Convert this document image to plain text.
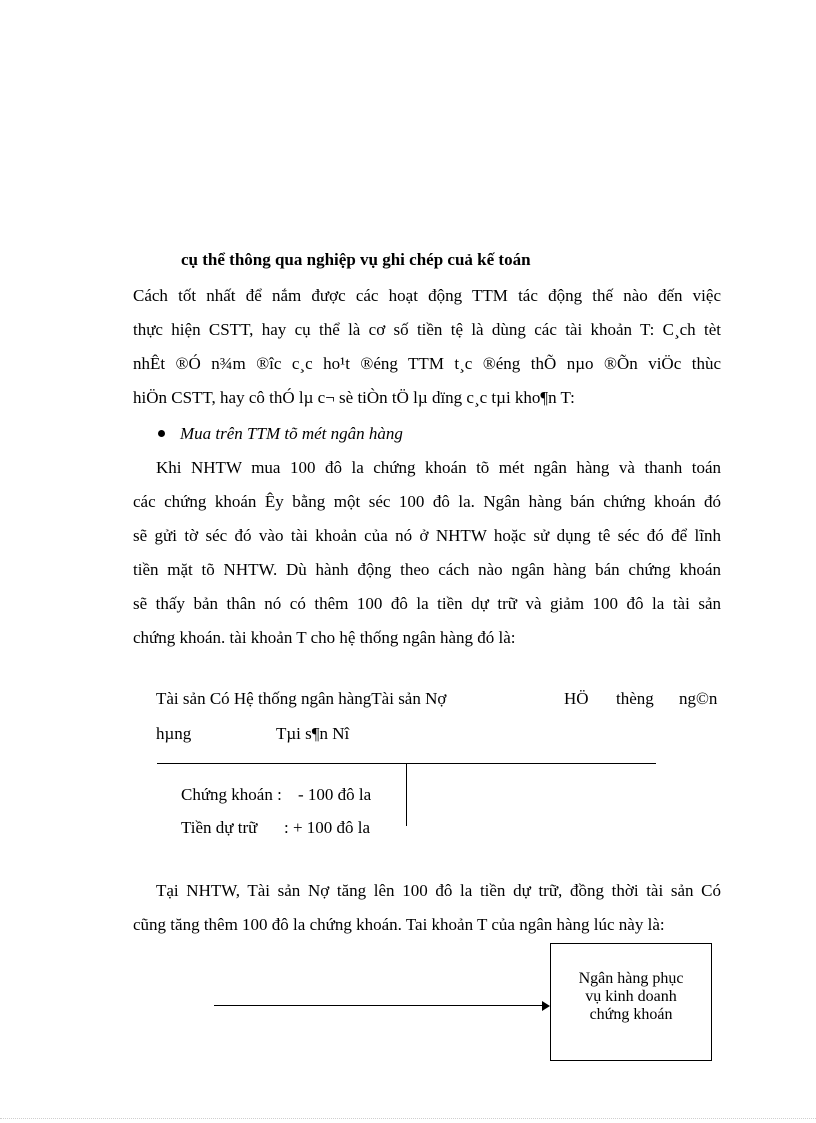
cụ thể thông qua nghiệp vụ ghi chép cuả kế toán
Cách tốt nhất để nắm được các hoạt động TTM tác động thế nào đến việc
thực hiện CSTT, hay cụ thể là cơ số tiền tệ là dùng các tài khoản T: C¸ch tèt
nhÊt ®Ó n¾m ®îc c¸c ho¹t ®éng TTM t¸c ®éng thÕ nµo ®Õn viÖc thùc
hiÖn CSTT, hay cô thÓ lµ c¬ sè tiÒn tÖ lµ dïng c¸c tµi kho¶n T:
Mua trên TTM tõ mét ngân hàng
Khi NHTW mua 100 đô la chứng khoán tõ mét ngân hàng và thanh toán
các chứng khoán Êy bằng một séc 100 đô la. Ngân hàng bán chứng khoán đó
sẽ gửi tờ séc đó vào tài khoản của nó ở NHTW hoặc sử dụng tê séc đó để lĩnh
tiền mặt tõ NHTW. Dù hành động theo cách nào ngân hàng bán chứng khoán
sẽ thấy bản thân nó có thêm 100 đô la tiền dự trữ và giảm 100 đô la tài sản
chứng khoán. tài khoản T cho hệ thống ngân hàng đó là:
Tài sản Có Hệ thống ngân hàngTài sản Nợ	HÖ thèng ng©n
hµng	Tµi s¶n Nî
Chứng khoán : - 100 đô la
Tiền dự trữ : + 100 đô la
Tại NHTW, Tài sản Nợ tăng lên 100 đô la tiền dự trữ, đồng thời tài sản Có
cũng tăng thêm 100 đô la chứng khoán. Tai khoản T của ngân hàng lúc này là:
Ngân hàng phục
vụ kinh doanh
chứng khoán
